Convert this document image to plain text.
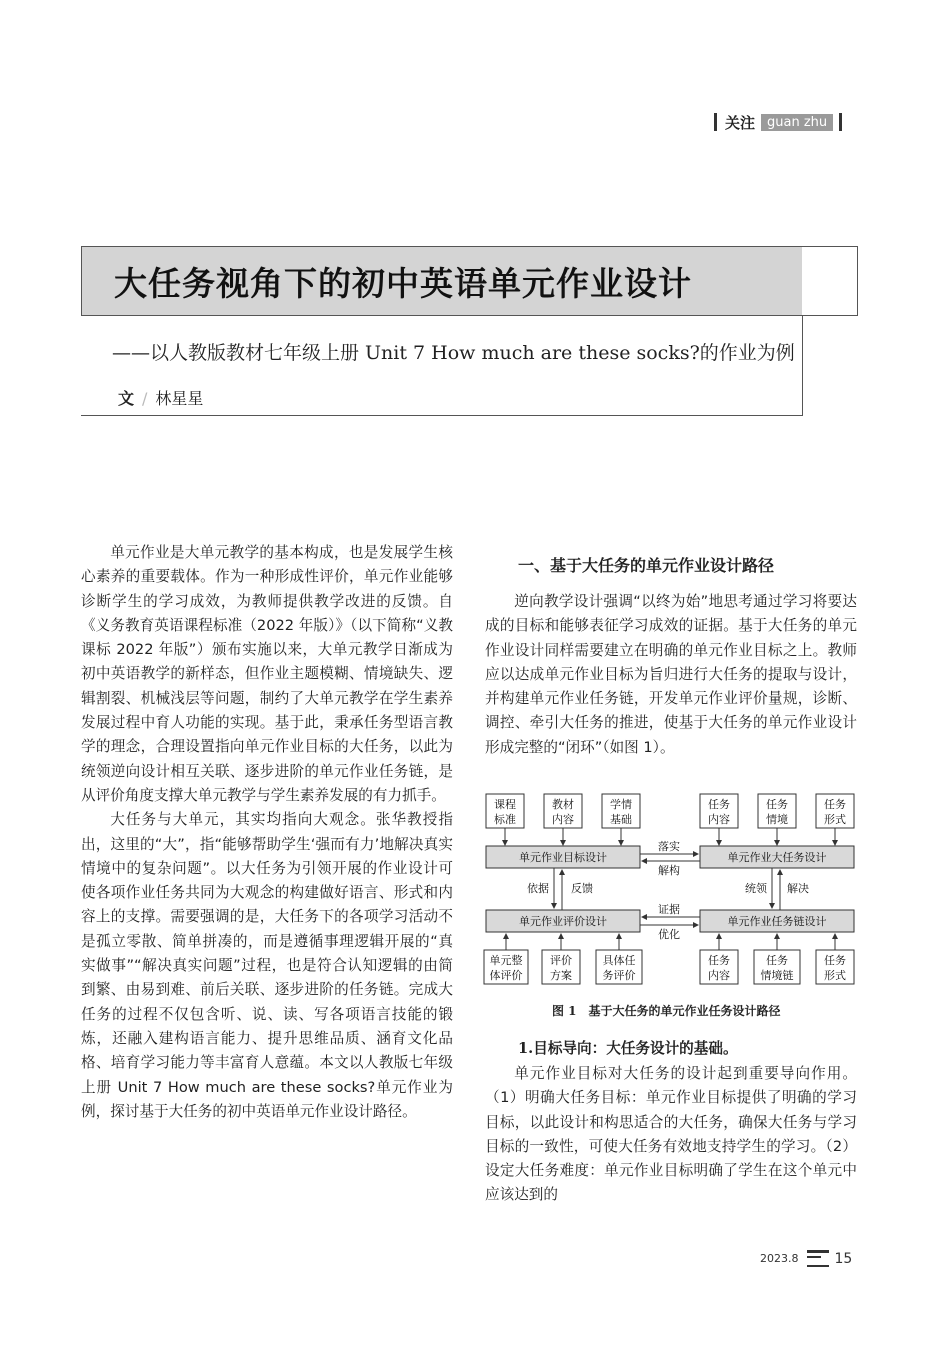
关注 guan zhu
大任务视角下的初中英语单元作业设计
——以人教版教材七年级上册 Unit 7 How much are these socks?的作业为例
文 / 林星星

单元作业是大单元教学的基本构成，也是发展学生核心素养的重要载体。作为一种形成性评价，单元作业能够诊断学生的学习成效，为教师提供教学改进的反馈。自《义务教育英语课程标准（2022 年版）》（以下简称“义教课标 2022 年版”）颁布实施以来，大单元教学日渐成为初中英语教学的新样态，但作业主题模糊、情境缺失、逻辑割裂、机械浅层等问题，制约了大单元教学在学生素养发展过程中育人功能的实现。基于此，秉承任务型语言教学的理念，合理设置指向单元作业目标的大任务，以此为统领逆向设计相互关联、逐步进阶的单元作业任务链，是从评价角度支撑大单元教学与学生素养发展的有力抓手。

大任务与大单元，其实均指向大观念。张华教授指出，这里的“大”，指“能够帮助学生‘强而有力’地解决真实情境中的复杂问题”。以大任务为引领开展的作业设计可使各项作业任务共同为大观念的构建做好语言、形式和内容上的支撑。需要强调的是，大任务下的各项学习活动不是孤立零散、简单拼凑的，而是遵循事理逻辑开展的“真实做事”“解决真实问题”过程，也是符合认知逻辑的由简到繁、由易到难、前后关联、逐步进阶的任务链。完成大任务的过程不仅包含听、说、读、写各项语言技能的锻炼，还融入建构语言能力、提升思维品质、涵育文化品格、培育学习能力等丰富育人意蕴。本文以人教版七年级上册 Unit 7 How much are these socks?单元作业为例，探讨基于大任务的初中英语单元作业设计路径。

一、基于大任务的单元作业设计路径

逆向教学设计强调“以终为始”地思考通过学习将要达成的目标和能够表征学习成效的证据。基于大任务的单元作业设计同样需要建立在明确的单元作业目标之上。教师应以达成单元作业目标为旨归进行大任务的提取与设计，并构建单元作业任务链，开发单元作业评价量规，诊断、调控、牵引大任务的推进，使基于大任务的单元作业设计形成完整的“闭环”（如图 1）。

课程
标准
教材
内容
学情
基础
任务
内容
任务
情境
任务
形式
单元作业目标设计	单元作业大任务设计
单元作业评价设计	单元作业任务链设计
落实
解构
证据
优化
依据 反馈	统领 解决
单元整
体评价
评价
方案
具体任
务评价
任务
内容
任务
情境链
任务
形式
图 1　基于大任务的单元作业任务设计路径
1.目标导向：大任务设计的基础。

单元作业目标对大任务的设计起到重要导向作用。（1）明确大任务目标：单元作业目标提供了明确的学习目标，以此设计和构思适合的大任务，确保大任务与学习目标的一致性，可使大任务有效地支持学生的学习。（2）设定大任务难度：单元作业目标明确了学生在这个单元中应该达到的

2023.8	15
